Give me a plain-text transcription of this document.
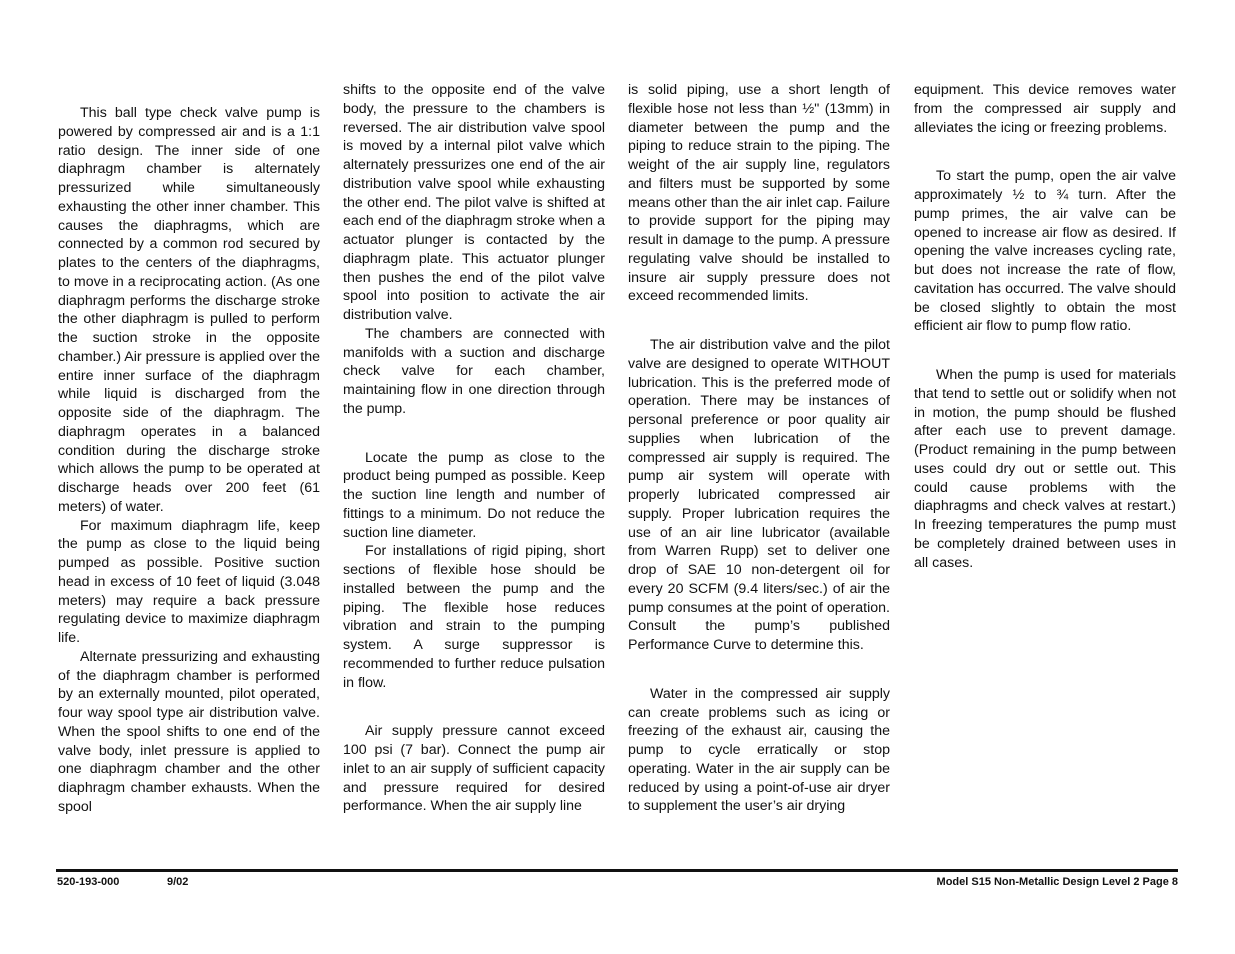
This ball type check valve pump is powered by compressed air and is a 1:1 ratio design. The inner side of one diaphragm chamber is alternately pressurized while simultaneously exhausting the other inner chamber. This causes the diaphragms, which are connected by a common rod secured by plates to the centers of the diaphragms, to move in a reciprocating action. (As one diaphragm performs the discharge stroke the other diaphragm is pulled to perform the suction stroke in the opposite chamber.) Air pressure is applied over the entire inner surface of the diaphragm while liquid is discharged from the opposite side of the diaphragm. The diaphragm operates in a balanced condition during the discharge stroke which allows the pump to be operated at discharge heads over 200 feet (61 meters) of water.

For maximum diaphragm life, keep the pump as close to the liquid being pumped as possible. Positive suction head in excess of 10 feet of liquid (3.048 meters) may require a back pressure regulating device to maximize diaphragm life.

Alternate pressurizing and exhausting of the diaphragm chamber is performed by an externally mounted, pilot operated, four way spool type air distribution valve. When the spool shifts to one end of the valve body, inlet pressure is applied to one diaphragm chamber and the other diaphragm chamber exhausts. When the spool

shifts to the opposite end of the valve body, the pressure to the chambers is reversed. The air distribution valve spool is moved by a internal pilot valve which alternately pressurizes one end of the air distribution valve spool while exhausting the other end. The pilot valve is shifted at each end of the diaphragm stroke when a actuator plunger is contacted by the diaphragm plate. This actuator plunger then pushes the end of the pilot valve spool into position to activate the air distribution valve.

The chambers are connected with manifolds with a suction and discharge check valve for each chamber, maintaining flow in one direction through the pump.

Locate the pump as close to the product being pumped as possible. Keep the suction line length and number of fittings to a minimum. Do not reduce the suction line diameter.

For installations of rigid piping, short sections of flexible hose should be installed between the pump and the piping. The flexible hose reduces vibration and strain to the pumping system. A surge suppressor is recommended to further reduce pulsation in flow.

Air supply pressure cannot exceed 100 psi (7 bar). Connect the pump air inlet to an air supply of sufficient capacity and pressure required for desired performance. When the air supply line

is solid piping, use a short length of flexible hose not less than ½" (13mm) in diameter between the pump and the piping to reduce strain to the piping. The weight of the air supply line, regulators and filters must be supported by some means other than the air inlet cap. Failure to provide support for the piping may result in damage to the pump. A pressure regulating valve should be installed to insure air supply pressure does not exceed recommended limits.

The air distribution valve and the pilot valve are designed to operate WITHOUT lubrication. This is the preferred mode of operation. There may be instances of personal preference or poor quality air supplies when lubrication of the compressed air supply is required. The pump air system will operate with properly lubricated compressed air supply. Proper lubrication requires the use of an air line lubricator (available from Warren Rupp) set to deliver one drop of SAE 10 non-detergent oil for every 20 SCFM (9.4 liters/sec.) of air the pump consumes at the point of operation. Consult the pump’s published Performance Curve to determine this.

Water in the compressed air supply can create problems such as icing or freezing of the exhaust air, causing the pump to cycle erratically or stop operating. Water in the air supply can be reduced by using a point-of-use air dryer to supplement the user’s air drying

equipment. This device removes water from the compressed air supply and alleviates the icing or freezing problems.

To start the pump, open the air valve approximately ½ to ¾ turn. After the pump primes, the air valve can be opened to increase air flow as desired. If opening the valve increases cycling rate, but does not increase the rate of flow, cavitation has occurred. The valve should be closed slightly to obtain the most efficient air flow to pump flow ratio.

When the pump is used for materials that tend to settle out or solidify when not in motion, the pump should be flushed after each use to prevent damage. (Product remaining in the pump between uses could dry out or settle out. This could cause problems with the diaphragms and check valves at restart.) In freezing temperatures the pump must be completely drained between uses in all cases.

520-193-000	9/02	Model S15 Non-Metallic Design Level 2 Page 8
